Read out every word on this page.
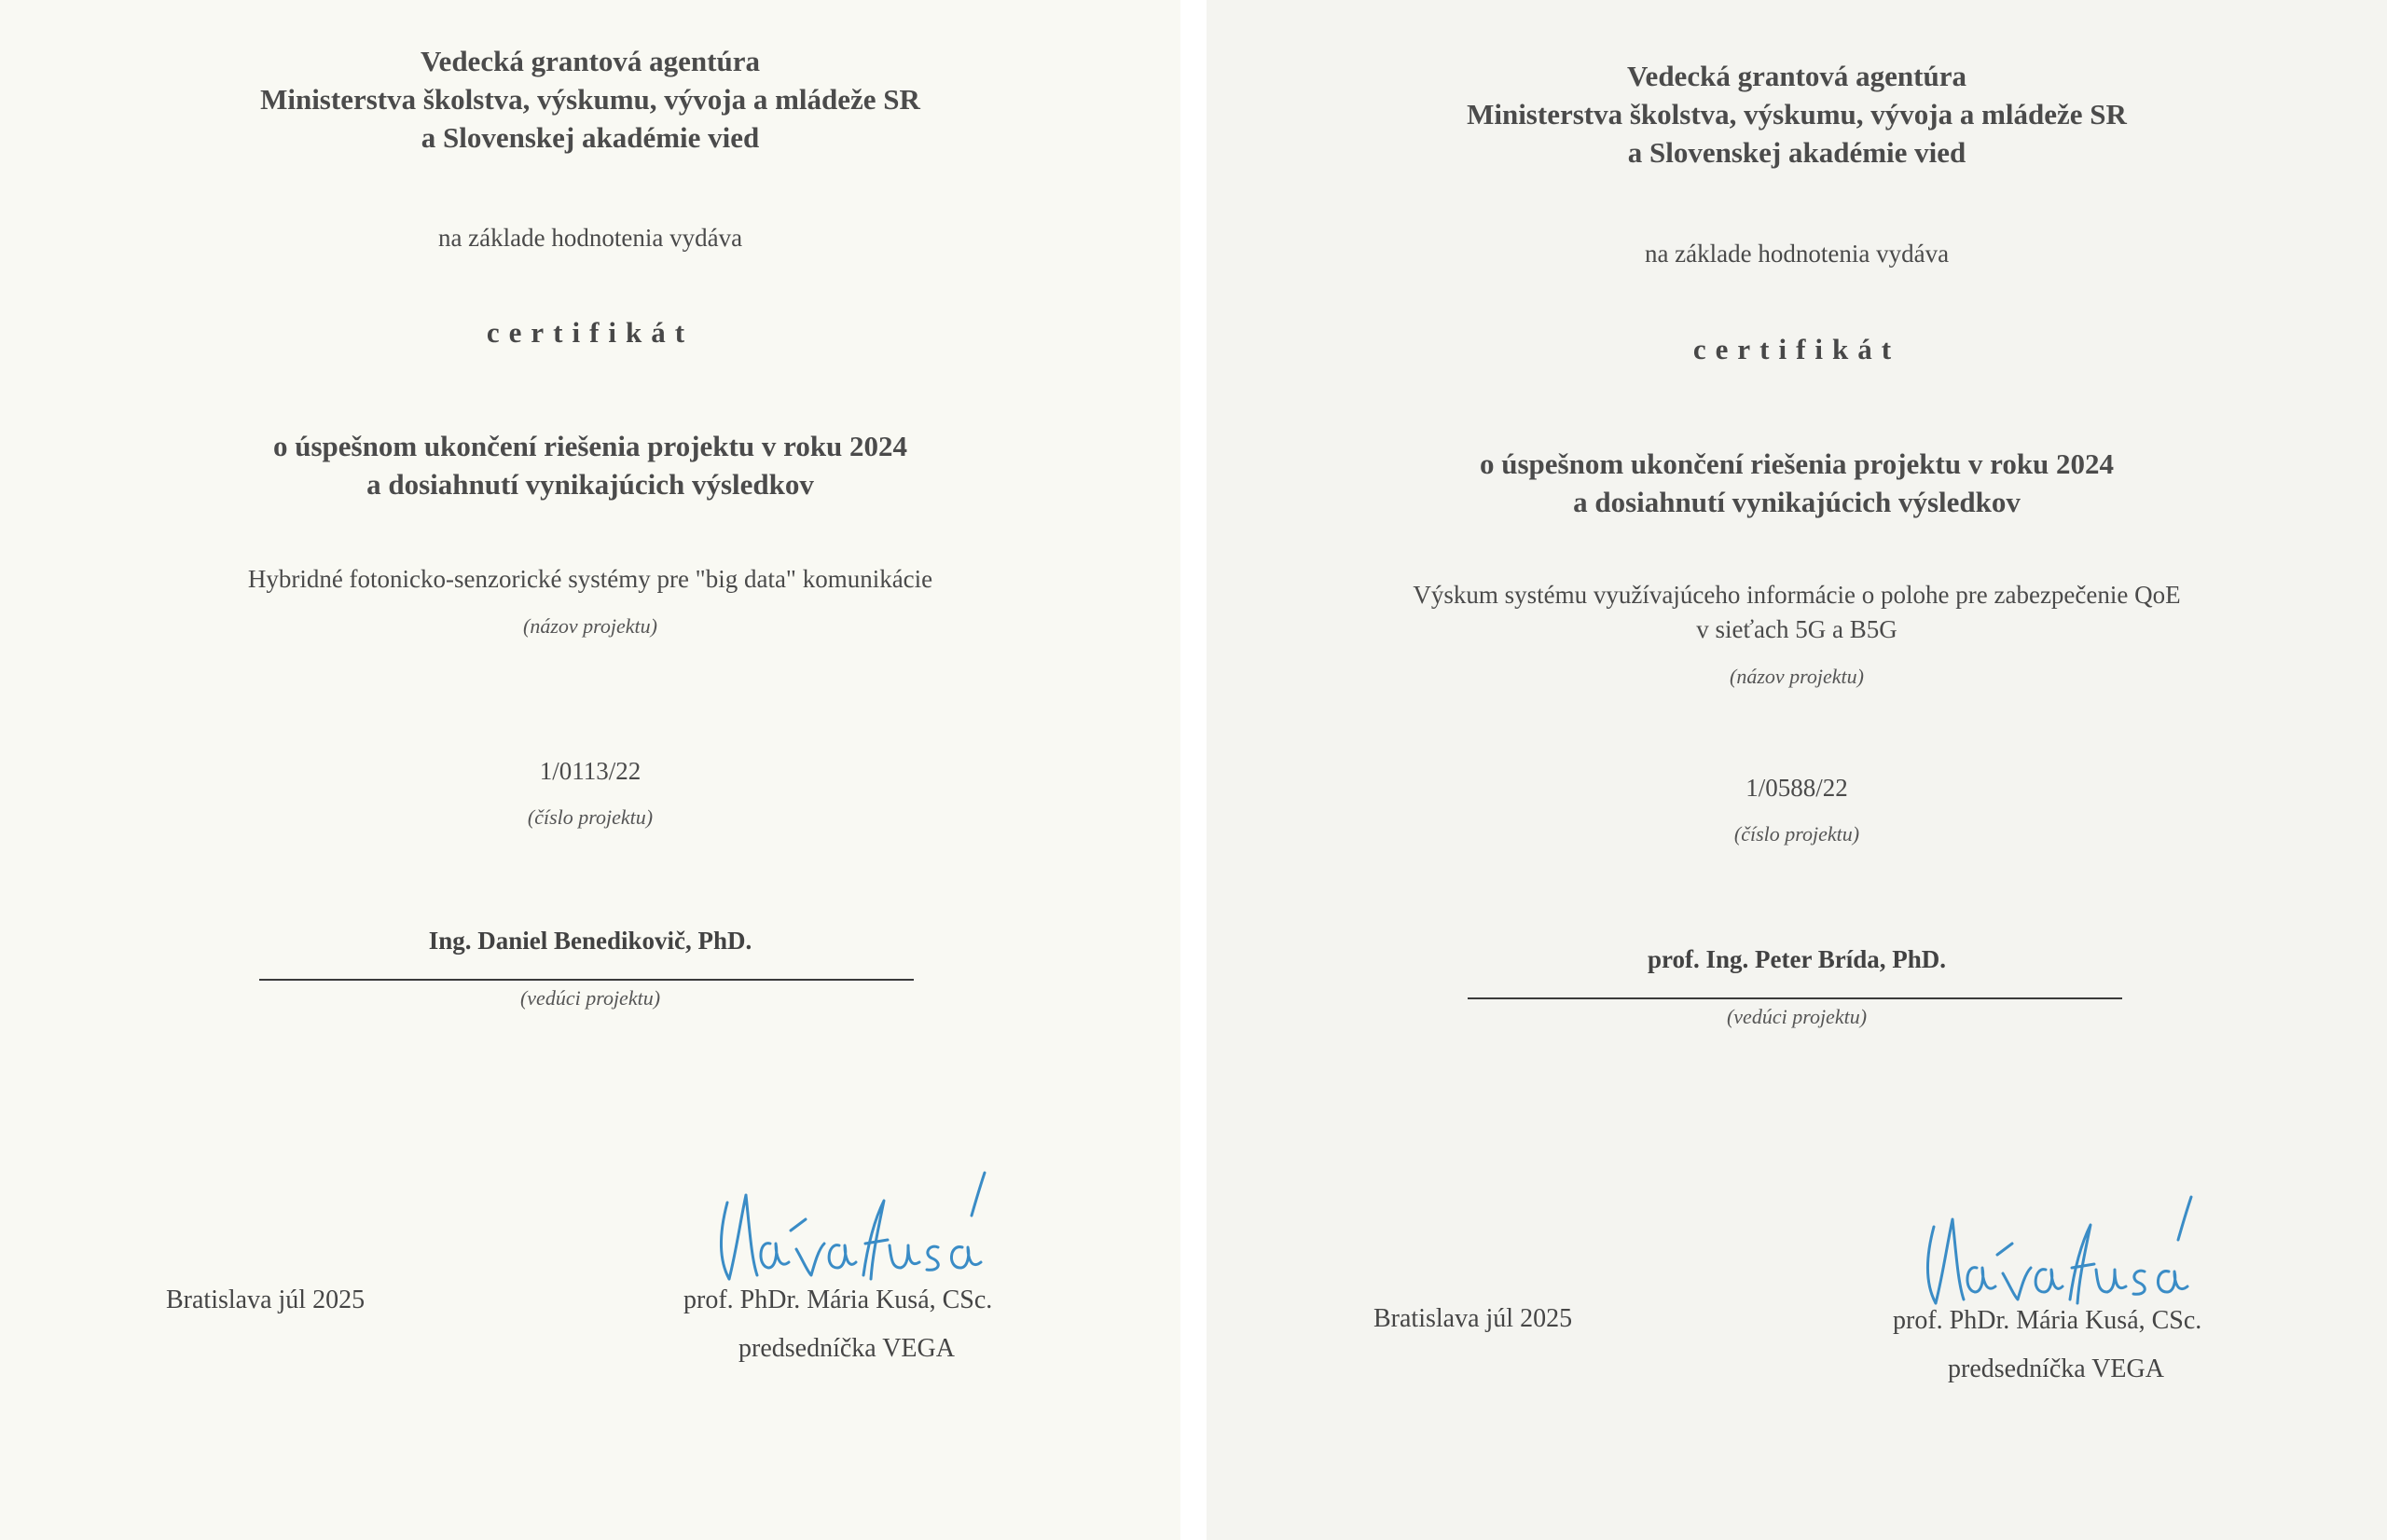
Vedecká grantová agentúra
Ministerstva školstva, výskumu, vývoja a mládeže SR
a Slovenskej akadémie vied
na základe hodnotenia vydáva
certifikát
o úspešnom ukončení riešenia projektu v roku 2024
a dosiahnutí vynikajúcich výsledkov
Hybridné fotonicko-senzorické systémy pre "big data" komunikácie
(názov projektu)
1/0113/22
(číslo projektu)
Ing. Daniel Benedikovič, PhD.
(vedúci projektu)
Bratislava júl 2025	prof. PhDr. Mária Kusá, CSc.
predsedníčka VEGA
Vedecká grantová agentúra
Ministerstva školstva, výskumu, vývoja a mládeže SR
a Slovenskej akadémie vied
na základe hodnotenia vydáva
certifikát
o úspešnom ukončení riešenia projektu v roku 2024
a dosiahnutí vynikajúcich výsledkov
Výskum systému využívajúceho informácie o polohe pre zabezpečenie QoE
v sieťach 5G a B5G
(názov projektu)
1/0588/22
(číslo projektu)
prof. Ing. Peter Brída, PhD.
(vedúci projektu)
Bratislava júl 2025	prof. PhDr. Mária Kusá, CSc.
predsedníčka VEGA
